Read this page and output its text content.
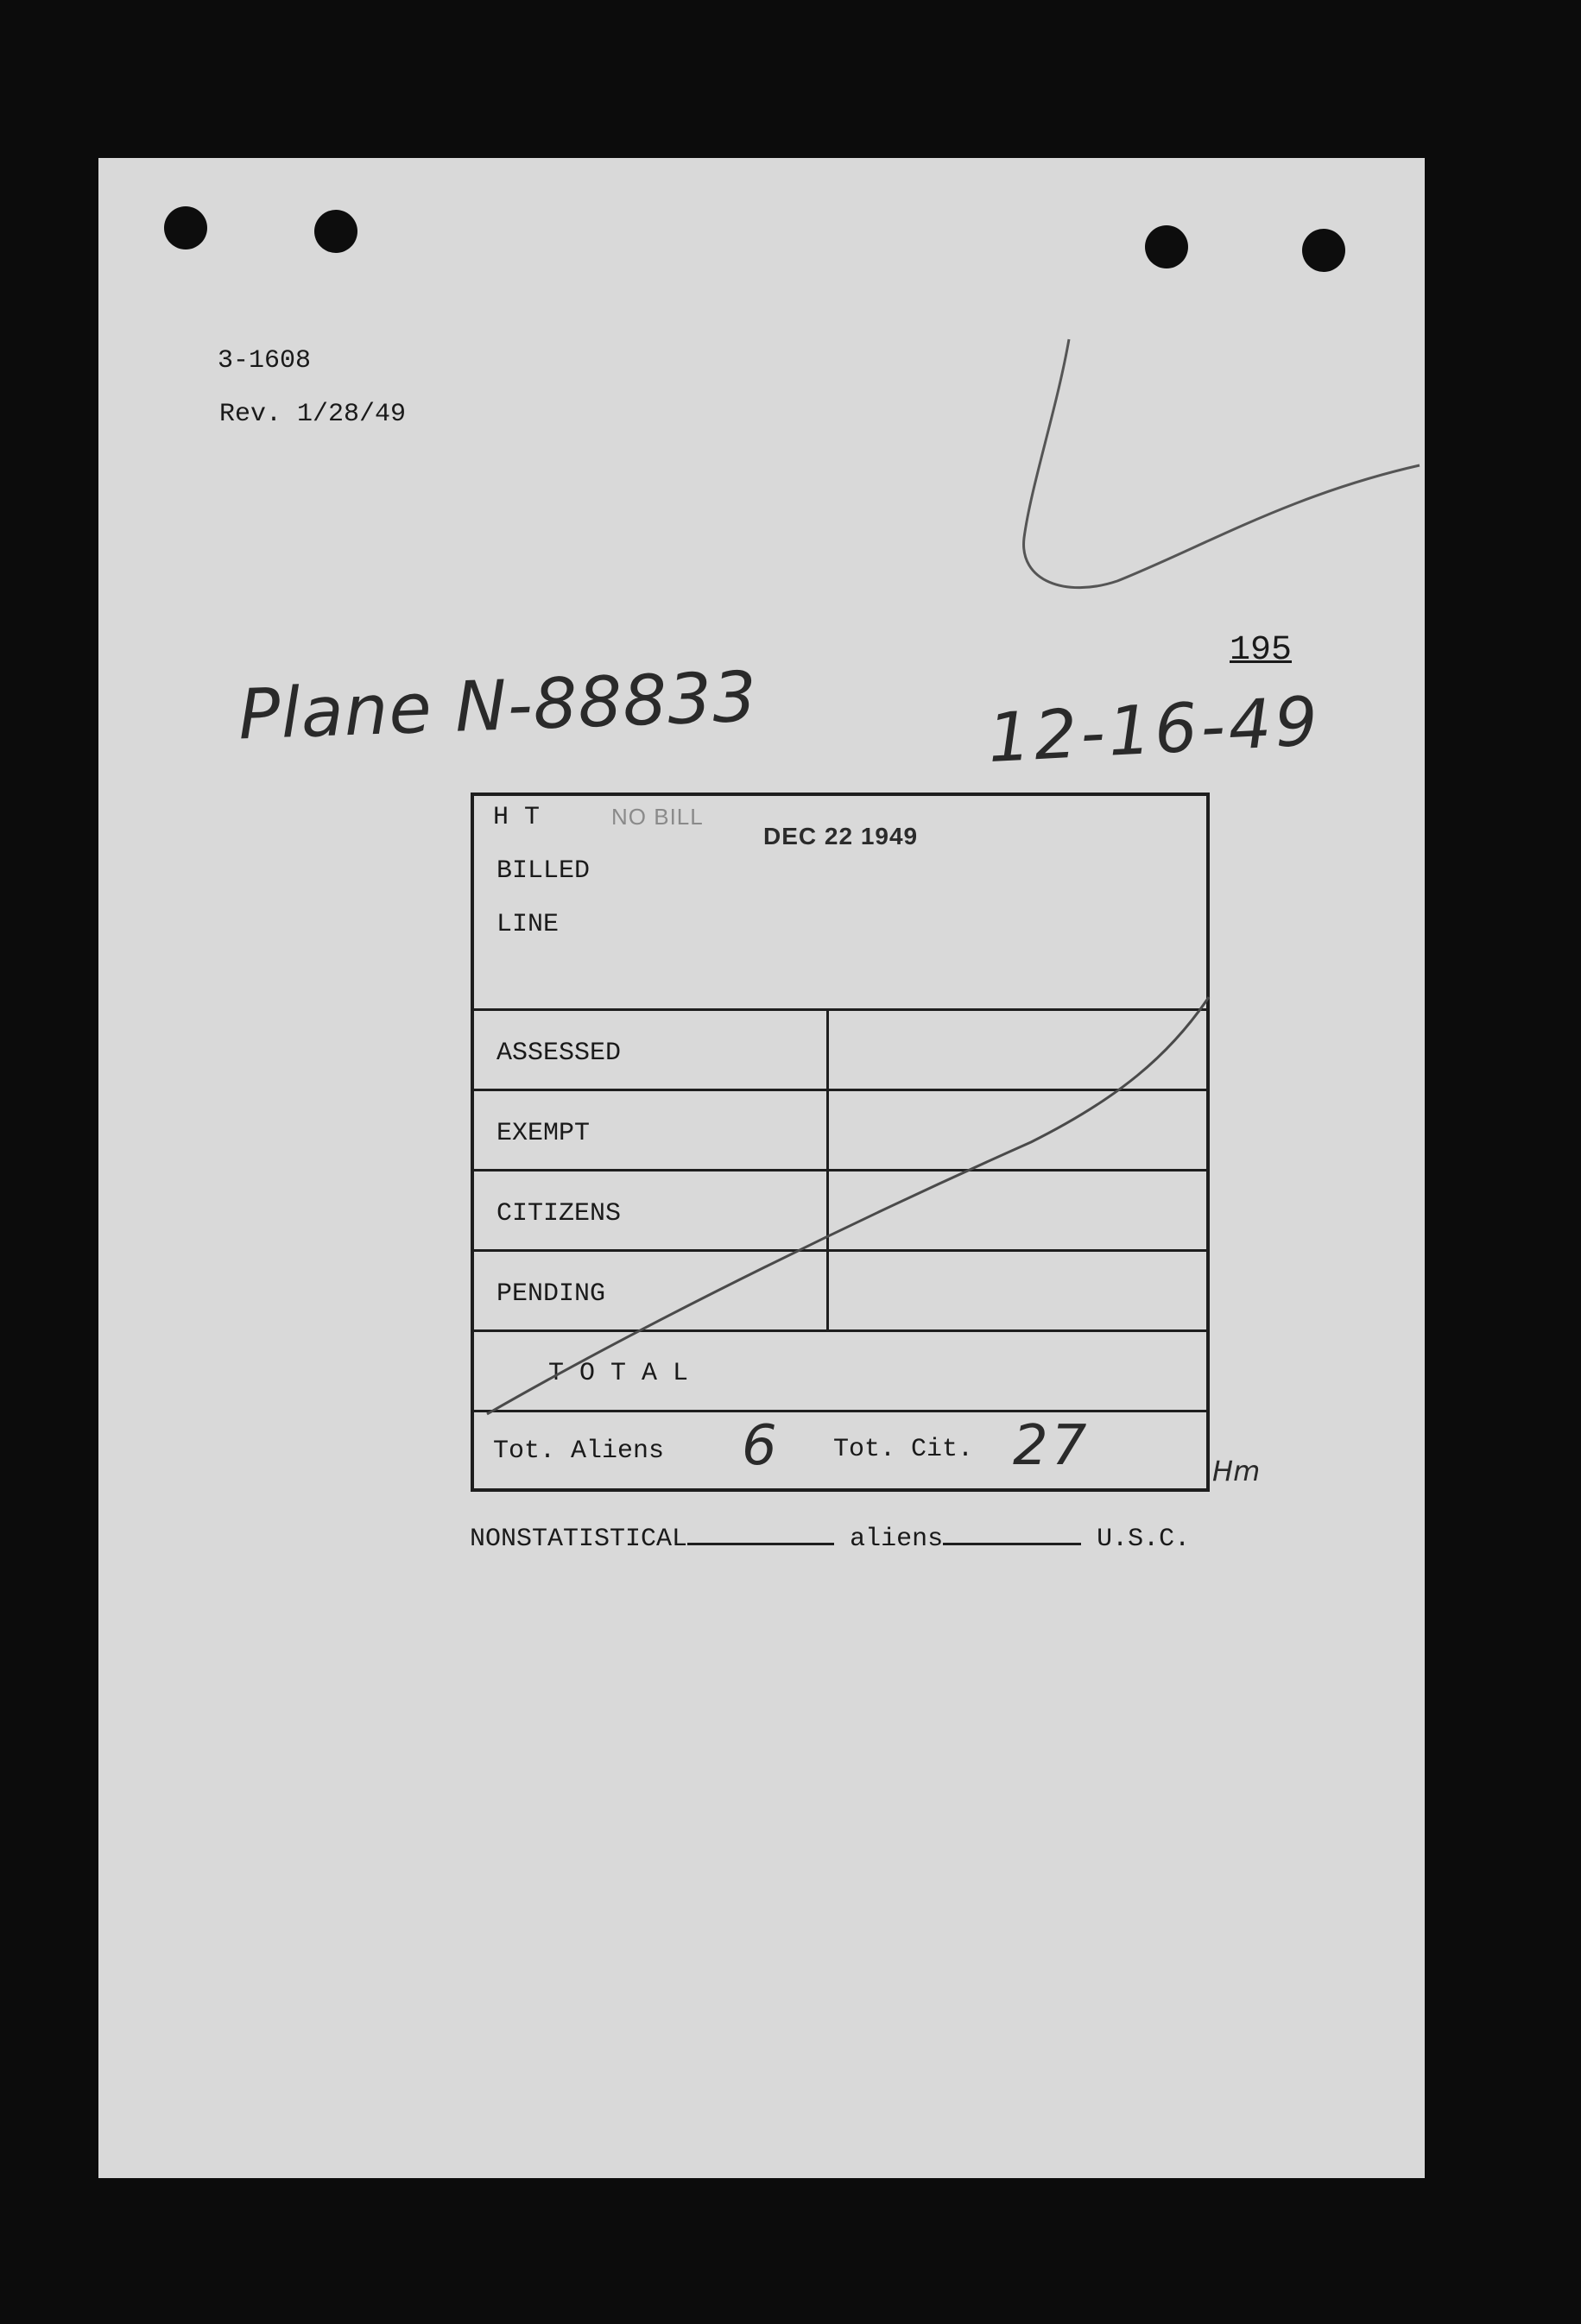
3-1608
Rev. 1/28/49
195
Plane N-88833	12-16-49
H T
BILLED
LINE
ASSESSED
EXEMPT
CITIZENS
PENDING
T O T A L
Tot. Aliens 6 Tot. Cit. 27
NO BILL
DEC 22 1949
Hm
NONSTATISTICAL	aliens	U.S.C.
